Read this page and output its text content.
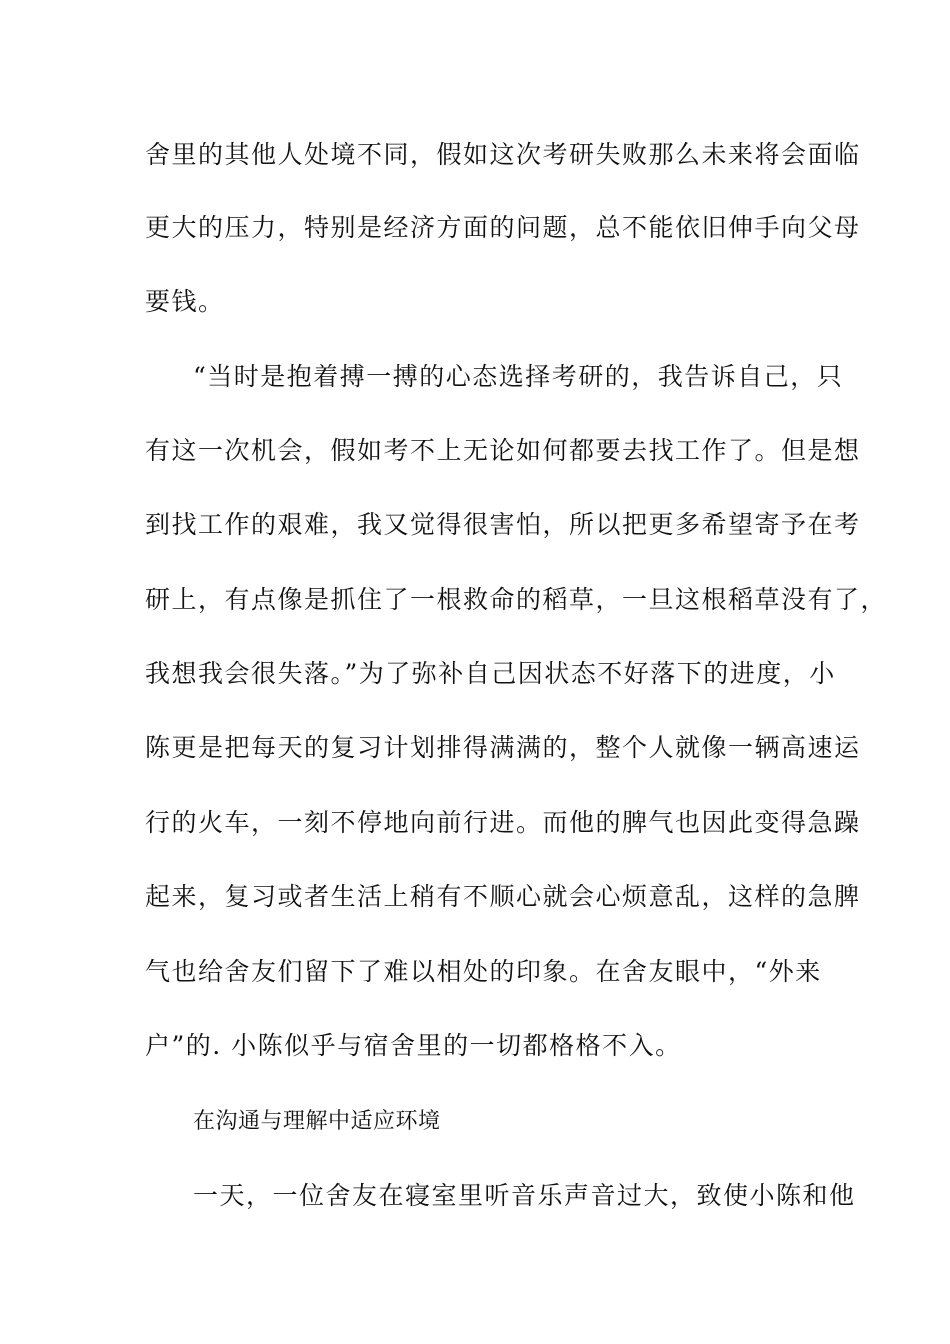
舍里的其他人处境不同，假如这次考研失败那么未来将会面临
更大的压力，特别是经济方面的问题，总不能依旧伸手向父母
要钱。
“当时是抱着搏一搏的心态选择考研的，我告诉自己，只
有这一次机会，假如考不上无论如何都要去找工作了。但是想
到找工作的艰难，我又觉得很害怕，所以把更多希望寄予在考
研上，有点像是抓住了一根救命的稻草，一旦这根稻草没有了，
我想我会很失落。”为了弥补自己因状态不好落下的进度，小
陈更是把每天的复习计划排得满满的，整个人就像一辆高速运
行的火车，一刻不停地向前行进。而他的脾气也因此变得急躁
起来，复习或者生活上稍有不顺心就会心烦意乱，这样的急脾
气也给舍友们留下了难以相处的印象。在舍友眼中，“外来
户”的. 小陈似乎与宿舍里的一切都格格不入。
在沟通与理解中适应环境
一天，一位舍友在寝室里听音乐声音过大，致使小陈和他
